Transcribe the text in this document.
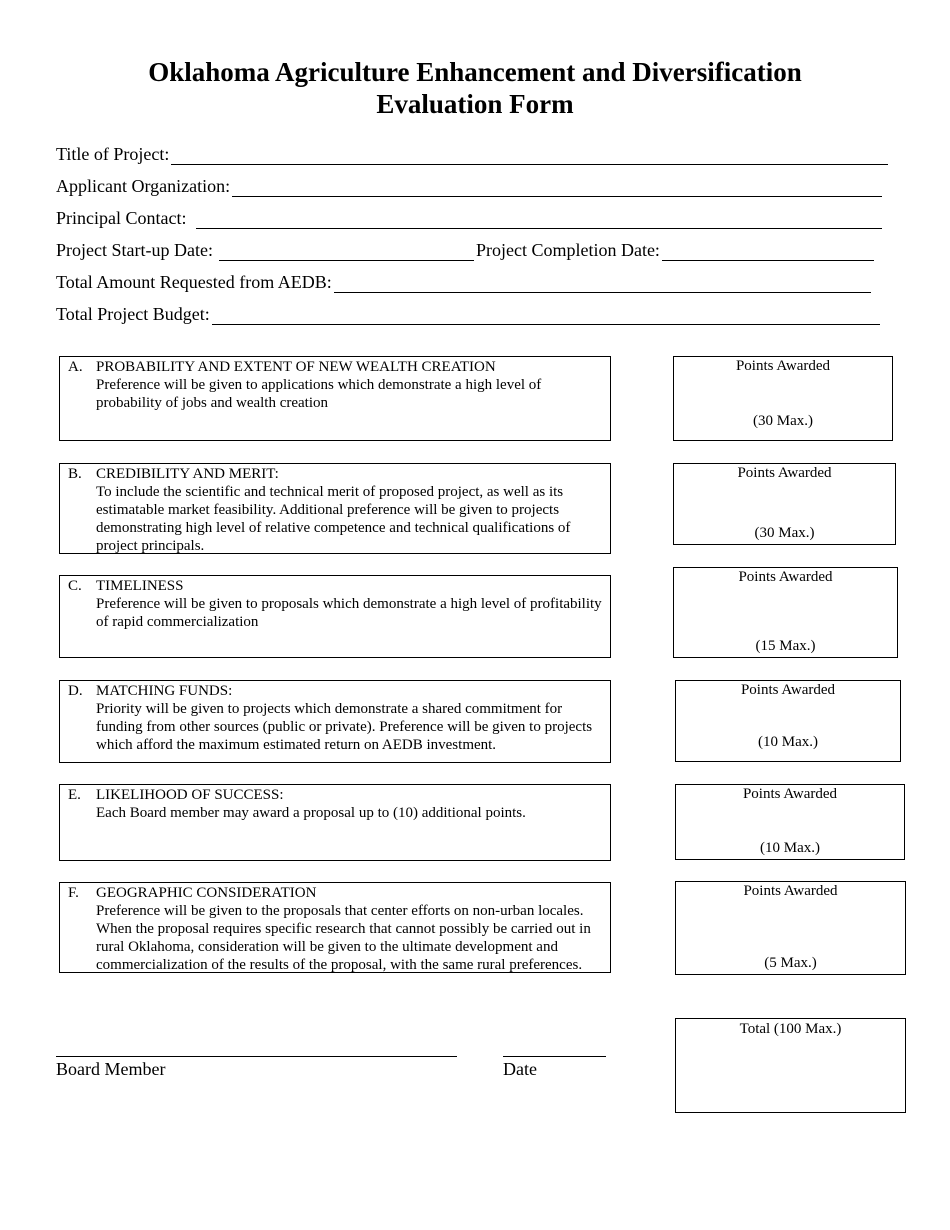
Oklahoma Agriculture Enhancement and Diversification
Evaluation Form
Title of Project:
Applicant Organization:
Principal Contact:
Project Start-up Date:	Project Completion Date:
Total Amount Requested from AEDB:
Total Project Budget:
A. PROBABILITY AND EXTENT OF NEW WEALTH CREATION
Preference will be given to applications which demonstrate a high level of probability of jobs and wealth creation
Points Awarded
(30 Max.)
B. CREDIBILITY AND MERIT:
To include the scientific and technical merit of proposed project, as well as its estimatable market feasibility. Additional preference will be given to projects demonstrating high level of relative competence and technical qualifications of project principals.
Points Awarded
(30 Max.)
C. TIMELINESS
Preference will be given to proposals which demonstrate a high level of profitability of rapid commercialization
Points Awarded
(15 Max.)
D. MATCHING FUNDS:
Priority will be given to projects which demonstrate a shared commitment for funding from other sources (public or private). Preference will be given to projects which afford the maximum estimated return on AEDB investment.
Points Awarded
(10 Max.)
E. LIKELIHOOD OF SUCCESS:
Each Board member may award a proposal up to (10) additional points.
Points Awarded
(10 Max.)
F. GEOGRAPHIC CONSIDERATION
Preference will be given to the proposals that center efforts on non-urban locales. When the proposal requires specific research that cannot possibly be carried out in rural Oklahoma, consideration will be given to the ultimate development and commercialization of the results of the proposal, with the same rural preferences.
Points Awarded
(5 Max.)
Total (100 Max.)
Board Member	Date
